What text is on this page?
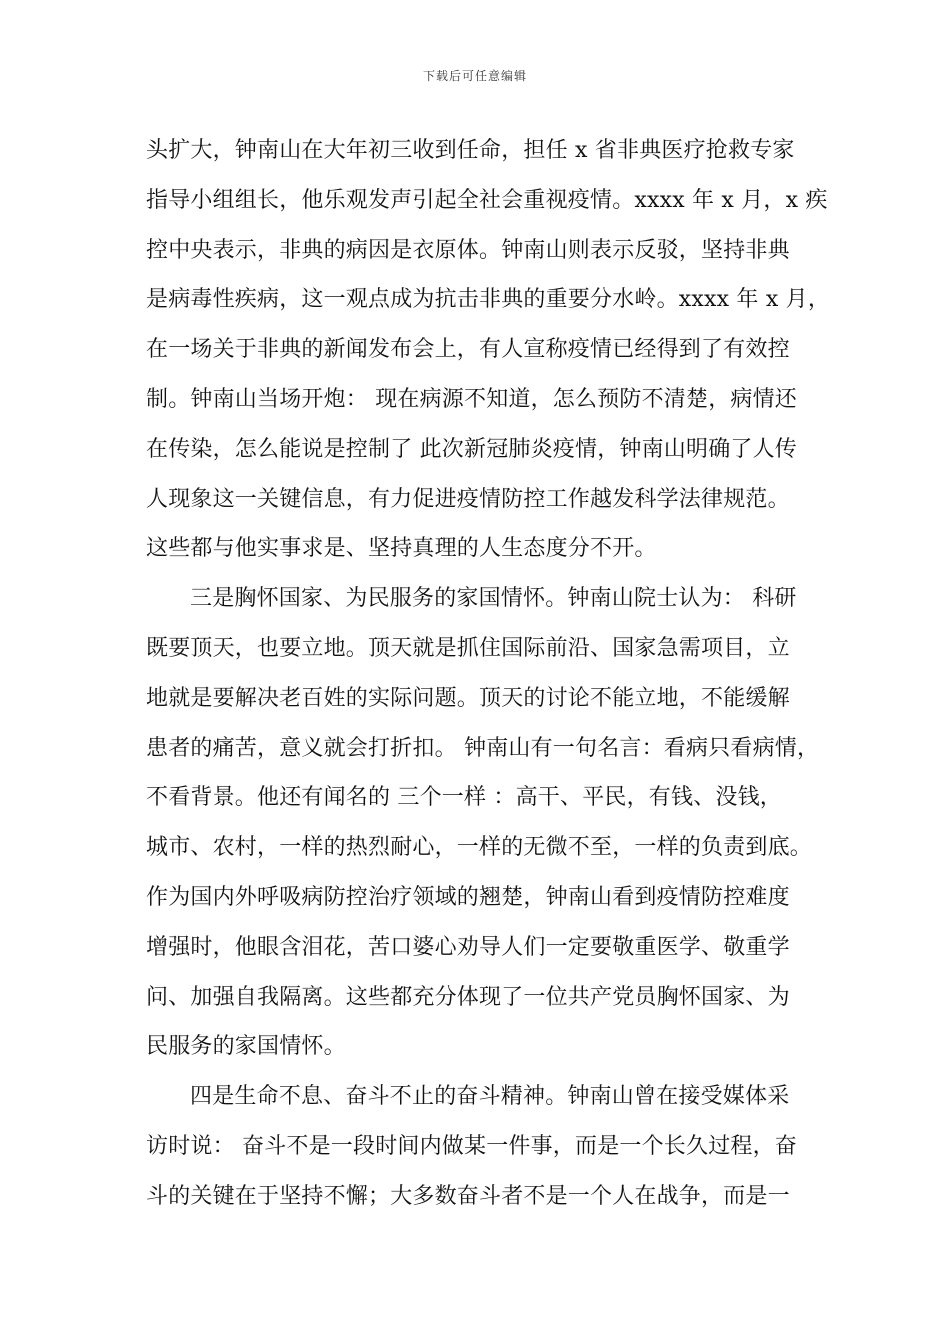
下载后可任意编辑
头扩大，钟南山在大年初三收到任命，担任 x 省非典医疗抢救专家
指导小组组长，他乐观发声引起全社会重视疫情。xxxx 年 x 月，x 疾
控中央表示，非典的病因是衣原体。钟南山则表示反驳，坚持非典
是病毒性疾病，这一观点成为抗击非典的重要分水岭。xxxx 年 x 月，
在一场关于非典的新闻发布会上，有人宣称疫情已经得到了有效控
制。钟南山当场开炮： 现在病源不知道，怎么预防不清楚，病情还
在传染，怎么能说是控制了 此次新冠肺炎疫情，钟南山明确了人传
人现象这一关键信息，有力促进疫情防控工作越发科学法律规范。
这些都与他实事求是、坚持真理的人生态度分不开。
三是胸怀国家、为民服务的家国情怀。钟南山院士认为： 科研
既要顶天，也要立地。顶天就是抓住国际前沿、国家急需项目，立
地就是要解决老百姓的实际问题。顶天的讨论不能立地，不能缓解
患者的痛苦，意义就会打折扣。 钟南山有一句名言：看病只看病情，
不看背景。他还有闻名的 三个一样 ：高干、平民，有钱、没钱，
城市、农村，一样的热烈耐心，一样的无微不至，一样的负责到底。
作为国内外呼吸病防控治疗领域的翘楚，钟南山看到疫情防控难度
增强时，他眼含泪花，苦口婆心劝导人们一定要敬重医学、敬重学
问、加强自我隔离。这些都充分体现了一位共产党员胸怀国家、为
民服务的家国情怀。
四是生命不息、奋斗不止的奋斗精神。钟南山曾在接受媒体采
访时说： 奋斗不是一段时间内做某一件事，而是一个长久过程，奋
斗的关键在于坚持不懈；大多数奋斗者不是一个人在战争，而是一
